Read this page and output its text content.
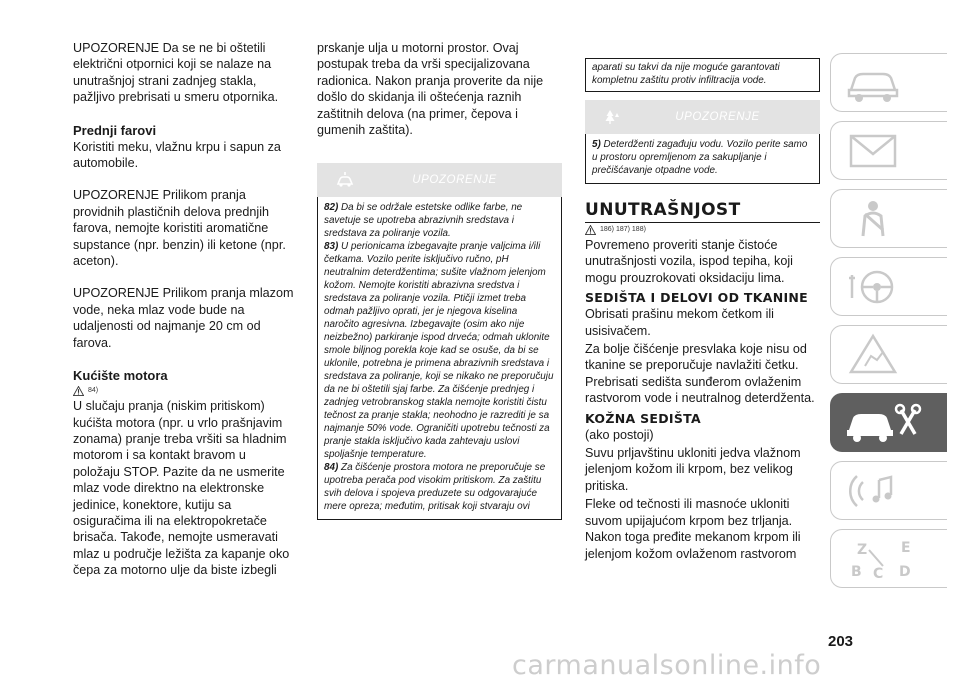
UPOZORENJE Da se ne bi oštetili električni otpornici koji se nalaze na unutrašnjoj strani zadnjeg stakla, pažljivo prebrisati u smeru otpornika.
Prednji farovi
Koristiti meku, vlažnu krpu i sapun za automobile.
UPOZORENJE Prilikom pranja providnih plastičnih delova prednjih farova, nemojte koristiti aromatične supstance (npr. benzin) ili ketone (npr. aceton).
UPOZORENJE Prilikom pranja mlazom vode, neka mlaz vode bude na udaljenosti od najmanje 20 cm od farova.
Kućište motora
84)
U slučaju pranja (niskim pritiskom) kućišta motora (npr. u vrlo prašnjavim zonama) pranje treba vršiti sa hladnim motorom i sa kontakt bravom u položaju STOP. Pazite da ne usmerite mlaz vode direktno na elektronske jedinice, konektore, kutiju sa osiguračima ili na elektropokretače brisača. Takođe, nemojte usmeravati mlaz u područje ležišta za kapanje oko čepa za motorno ulje da biste izbegli
prskanje ulja u motorni prostor. Ovaj postupak treba da vrši specijalizovana radionica. Nakon pranja proverite da nije došlo do skidanja ili oštećenja raznih zaštitnih delova (na primer, čepova i gumenih zaštita).
UPOZORENJE
82) Da bi se održale estetske odlike farbe, ne savetuje se upotreba abrazivnih sredstava i sredstava za poliranje vozila.
83) U perionicama izbegavajte pranje valjcima i/ili četkama. Vozilo perite isključivo ručno, pH neutralnim deterdžentima; sušite vlažnom jelenjom kožom. Nemojte koristiti abrazivna sredstva i sredstava za poliranje vozila. Ptičji izmet treba odmah pažljivo oprati, jer je njegova kiselina naročito agresivna. Izbegavajte (osim ako nije neizbežno) parkiranje ispod drveća; odmah uklonite smole biljnog porekla koje kad se osuše, da bi se uklonile, potrebna je primena abrazivnih sredstava i sredstava za poliranje, koji se nikako ne preporučuju da ne bi oštetili sjaj farbe. Za čišćenje prednjeg i zadnjeg vetrobranskog stakla nemojte koristiti čistu tečnost za pranje stakla; neohodno je razrediti je sa najmanje 50% vode. Ograničiti upotrebu tečnosti za pranje stakla isključivo kada zahtevaju uslovi spoljašnje temperature.
84) Za čišćenje prostora motora ne preporučuje se upotreba perača pod visokim pritiskom. Za zaštitu svih delova i spojeva preduzete su odgovarajuće mere opreza; međutim, pritisak koji stvaraju ovi
aparati su takvi da nije moguće garantovati kompletnu zaštitu protiv infiltracija vode.
UPOZORENJE
5) Deterdženti zagađuju vodu. Vozilo perite samo u prostoru opremljenom za sakupljanje i prečišćavanje otpadne vode.
UNUTRAŠNJOST
186) 187) 188)
Povremeno proveriti stanje čistoće unutrašnjosti vozila, ispod tepiha, koji mogu prouzrokovati oksidaciju lima.
SEDIŠTA I DELOVI OD TKANINE
Obrisati prašinu mekom četkom ili usisivačem.
Za bolje čišćenje presvlaka koje nisu od tkanine se preporučuje navlažiti četku. Prebrisati sedišta sunđerom ovlaženim rastvorom vode i neutralnog deterdženta.
KOŽNA SEDIŠTA
(ako postoji)
Suvu prljavštinu ukloniti jedva vlažnom jelenjom kožom ili krpom, bez velikog pritiska.
Fleke od tečnosti ili masnoće ukloniti suvom upijajućom krpom bez trljanja. Nakon toga pređite mekanom krpom ili jelenjom kožom ovlaženom rastvorom	Z E
B C D
203
carmanualsonline.info
